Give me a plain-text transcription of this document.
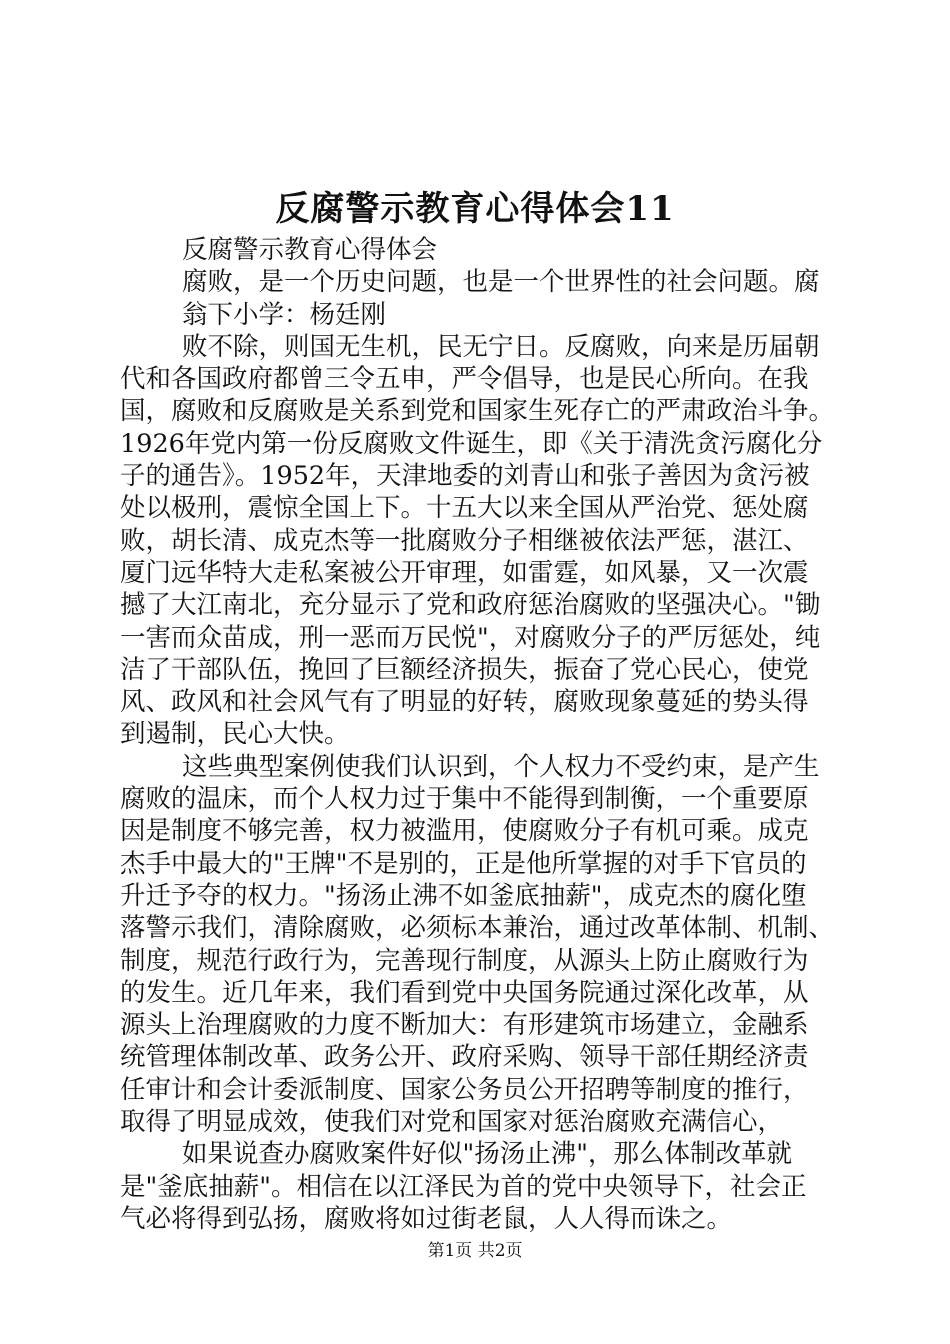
反腐警示教育心得体会11
反腐警示教育心得体会
腐败，是一个历史问题，也是一个世界性的社会问题。腐
翁下小学：杨廷刚
败不除，则国无生机，民无宁日。反腐败，向来是历届朝
代和各国政府都曾三令五申，严令倡导，也是民心所向。在我
国，腐败和反腐败是关系到党和国家生死存亡的严肃政治斗争。
1926年党内第一份反腐败文件诞生，即《关于清洗贪污腐化分
子的通告》。1952年，天津地委的刘青山和张子善因为贪污被
处以极刑，震惊全国上下。十五大以来全国从严治党、惩处腐
败，胡长清、成克杰等一批腐败分子相继被依法严惩，湛江、
厦门远华特大走私案被公开审理，如雷霆，如风暴，又一次震
撼了大江南北，充分显示了党和政府惩治腐败的坚强决心。"锄
一害而众苗成，刑一恶而万民悦"，对腐败分子的严厉惩处，纯
洁了干部队伍，挽回了巨额经济损失，振奋了党心民心，使党
风、政风和社会风气有了明显的好转，腐败现象蔓延的势头得
到遏制，民心大快。
这些典型案例使我们认识到，个人权力不受约束，是产生
腐败的温床，而个人权力过于集中不能得到制衡，一个重要原
因是制度不够完善，权力被滥用，使腐败分子有机可乘。成克
杰手中最大的"王牌"不是别的，正是他所掌握的对手下官员的
升迁予夺的权力。"扬汤止沸不如釜底抽薪"，成克杰的腐化堕
落警示我们，清除腐败，必须标本兼治，通过改革体制、机制、
制度，规范行政行为，完善现行制度，从源头上防止腐败行为
的发生。近几年来，我们看到党中央国务院通过深化改革，从
源头上治理腐败的力度不断加大：有形建筑市场建立，金融系
统管理体制改革、政务公开、政府采购、领导干部任期经济责
任审计和会计委派制度、国家公务员公开招聘等制度的推行，
取得了明显成效，使我们对党和国家对惩治腐败充满信心，
如果说查办腐败案件好似"扬汤止沸"，那么体制改革就
是"釜底抽薪"。相信在以江泽民为首的党中央领导下，社会正
气必将得到弘扬，腐败将如过街老鼠，人人得而诛之。
第1页 共2页
